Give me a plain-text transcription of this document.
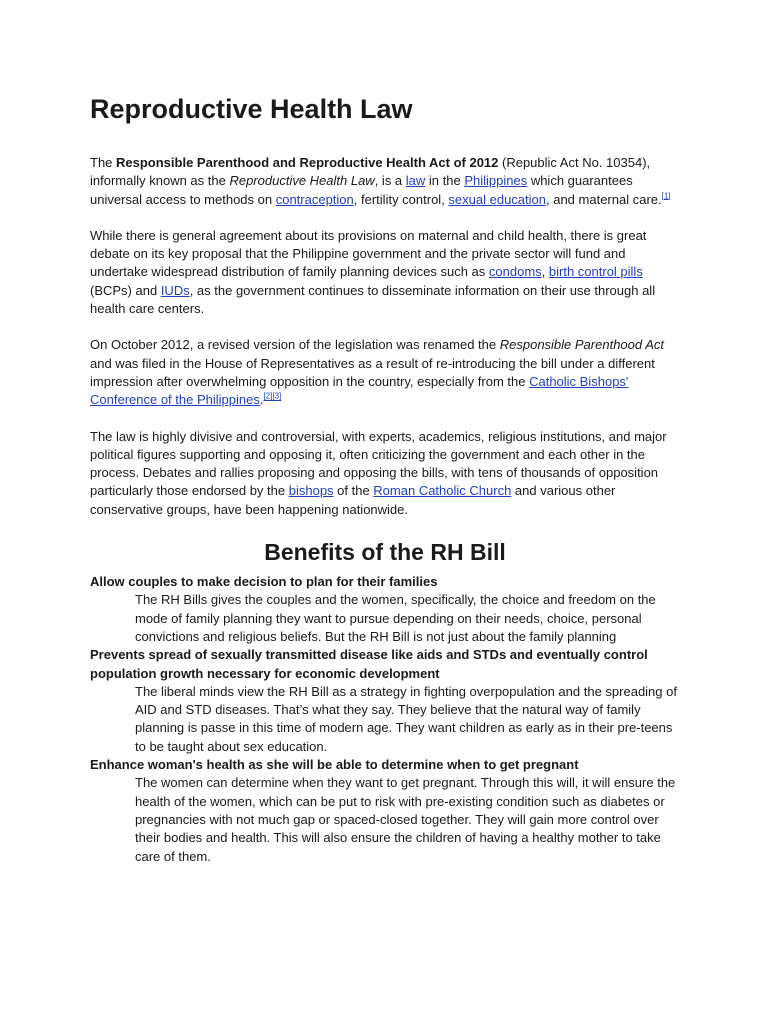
Reproductive Health Law

The Responsible Parenthood and Reproductive Health Act of 2012 (Republic Act No. 10354), informally known as the Reproductive Health Law, is a law in the Philippines which guarantees universal access to methods on contraception, fertility control, sexual education, and maternal care.[1]

While there is general agreement about its provisions on maternal and child health, there is great debate on its key proposal that the Philippine government and the private sector will fund and undertake widespread distribution of family planning devices such as condoms, birth control pills (BCPs) and IUDs, as the government continues to disseminate information on their use through all health care centers.

On October 2012, a revised version of the legislation was renamed the Responsible Parenthood Act and was filed in the House of Representatives as a result of re-introducing the bill under a different impression after overwhelming opposition in the country, especially from the Catholic Bishops' Conference of the Philippines.[2][3]

The law is highly divisive and controversial, with experts, academics, religious institutions, and major political figures supporting and opposing it, often criticizing the government and each other in the process. Debates and rallies proposing and opposing the bills, with tens of thousands of opposition particularly those endorsed by the bishops of the Roman Catholic Church and various other conservative groups, have been happening nationwide.

Benefits of the RH Bill
Allow couples to make decision to plan for their families
The RH Bills gives the couples and the women, specifically, the choice and freedom on the mode of family planning they want to pursue depending on their needs, choice, personal convictions and religious beliefs. But the RH Bill is not just about the family planning
Prevents spread of sexually transmitted disease like aids and STDs and eventually control population growth necessary for economic development
The liberal minds view the RH Bill as a strategy in fighting overpopulation and the spreading of AID and STD diseases. That’s what they say. They believe that the natural way of family planning is passe in this time of modern age. They want children as early as in their pre-teens to be taught about sex education.
Enhance woman's health as she will be able to determine when to get pregnant
The women can determine when they want to get pregnant. Through this will, it will ensure the health of the women, which can be put to risk with pre-existing condition such as diabetes or pregnancies with not much gap or spaced-closed together. They will gain more control over their bodies and health. This will also ensure the children of having a healthy mother to take care of them.
